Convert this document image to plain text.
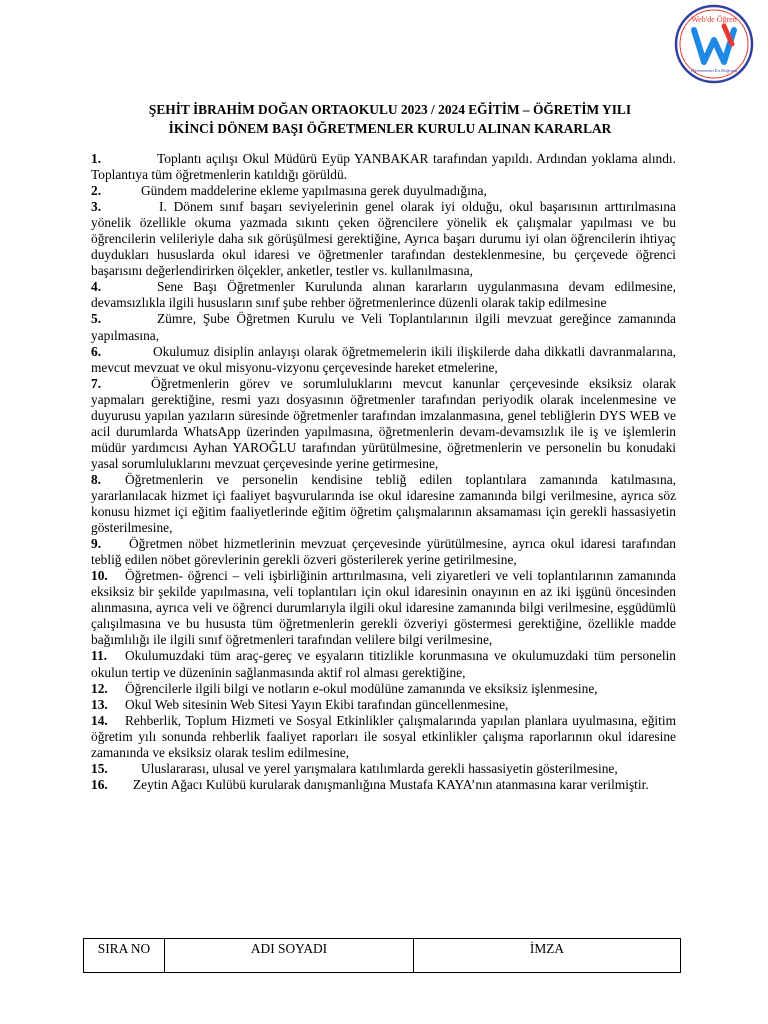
Web'de Öğren
Öğrenmenin En Doğrusu
ŞEHİT İBRAHİM DOĞAN ORTAOKULU 2023 / 2024 EĞİTİM – ÖĞRETİM YILI
İKİNCİ DÖNEM BAŞI ÖĞRETMENLER KURULU ALINAN KARARLAR

1.	Toplantı açılışı Okul Müdürü Eyüp YANBAKAR tarafından yapıldı. Ardından yoklama alındı. Toplantıya tüm öğretmenlerin katıldığı görüldü.

2.	Gündem maddelerine ekleme yapılmasına gerek duyulmadığına,

3.	I. Dönem sınıf başarı seviyelerinin genel olarak iyi olduğu, okul başarısının arttırılmasına yönelik özellikle okuma yazmada sıkıntı çeken öğrencilere yönelik ek çalışmalar yapılması ve bu öğrencilerin velileriyle daha sık görüşülmesi gerektiğine, Ayrıca başarı durumu iyi olan öğrencilerin ihtiyaç duydukları hususlarda okul idaresi ve öğretmenler tarafından desteklenmesine, bu çerçevede öğrenci başarısını değerlendirirken ölçekler, anketler, testler vs. kullanılmasına,

4.	Sene Başı Öğretmenler Kurulunda alınan kararların uygulanmasına devam edilmesine, devamsızlıkla ilgili hususların sınıf şube rehber öğretmenlerince düzenli olarak takip edilmesine

5.	Zümre, Şube Öğretmen Kurulu ve Veli Toplantılarının ilgili mevzuat gereğince zamanında yapılmasına,

6.	Okulumuz disiplin anlayışı olarak öğretmemelerin ikili ilişkilerde daha dikkatli davranmalarına, mevcut mevzuat ve okul misyonu-vizyonu çerçevesinde hareket etmelerine,

7.	Öğretmenlerin görev ve sorumluluklarını mevcut kanunlar çerçevesinde eksiksiz olarak yapmaları gerektiğine, resmi yazı dosyasının öğretmenler tarafından periyodik olarak incelenmesine ve duyurusu yapılan yazıların süresinde öğretmenler tarafından imzalanmasına, genel tebliğlerin DYS WEB ve acil durumlarda WhatsApp üzerinden yapılmasına, öğretmenlerin devam-devamsızlık ile iş ve işlemlerin müdür yardımcısı Ayhan YAROĞLU tarafından yürütülmesine, öğretmenlerin ve personelin bu konudaki yasal sorumluluklarını mevzuat çerçevesinde yerine getirmesine,

8. Öğretmenlerin ve personelin kendisine tebliğ edilen toplantılara zamanında katılmasına, yararlanılacak hizmet içi faaliyet başvurularında ise okul idaresine zamanında bilgi verilmesine, ayrıca söz konusu hizmet içi eğitim faaliyetlerinde eğitim öğretim çalışmalarının aksamaması için gerekli hassasiyetin gösterilmesine,

9. Öğretmen nöbet hizmetlerinin mevzuat çerçevesinde yürütülmesine, ayrıca okul idaresi tarafından tebliğ edilen nöbet görevlerinin gerekli özveri gösterilerek yerine getirilmesine,

10. Öğretmen- öğrenci – veli işbirliğinin arttırılmasına, veli ziyaretleri ve veli toplantılarının zamanında eksiksiz bir şekilde yapılmasına, veli toplantıları için okul idaresinin onayının en az iki işgünü öncesinden alınmasına, ayrıca veli ve öğrenci durumlarıyla ilgili okul idaresine zamanında bilgi verilmesine, eşgüdümlü çalışılmasına ve bu hususta tüm öğretmenlerin gerekli özveriyi göstermesi gerektiğine, özellikle madde bağımlılığı ile ilgili sınıf öğretmenleri tarafından velilere bilgi verilmesine,

11. Okulumuzdaki tüm araç-gereç ve eşyaların titizlikle korunmasına ve okulumuzdaki tüm personelin okulun tertip ve düzeninin sağlanmasında aktif rol alması gerektiğine,

12. Öğrencilerle ilgili bilgi ve notların e-okul modülüne zamanında ve eksiksiz işlenmesine,

13. Okul Web sitesinin Web Sitesi Yayın Ekibi tarafından güncellenmesine,

14. Rehberlik, Toplum Hizmeti ve Sosyal Etkinlikler çalışmalarında yapılan planlara uyulmasına, eğitim öğretim yılı sonunda rehberlik faaliyet raporları ile sosyal etkinlikler çalışma raporlarının okul idaresine zamanında ve eksiksiz olarak teslim edilmesine,

15. Uluslararası, ulusal ve yerel yarışmalara katılımlarda gerekli hassasiyetin gösterilmesine,

16. Zeytin Ağacı Kulübü kurularak danışmanlığına Mustafa KAYA’nın atanmasına karar verilmiştir.

SIRA NO	ADI SOYADI	İMZA
